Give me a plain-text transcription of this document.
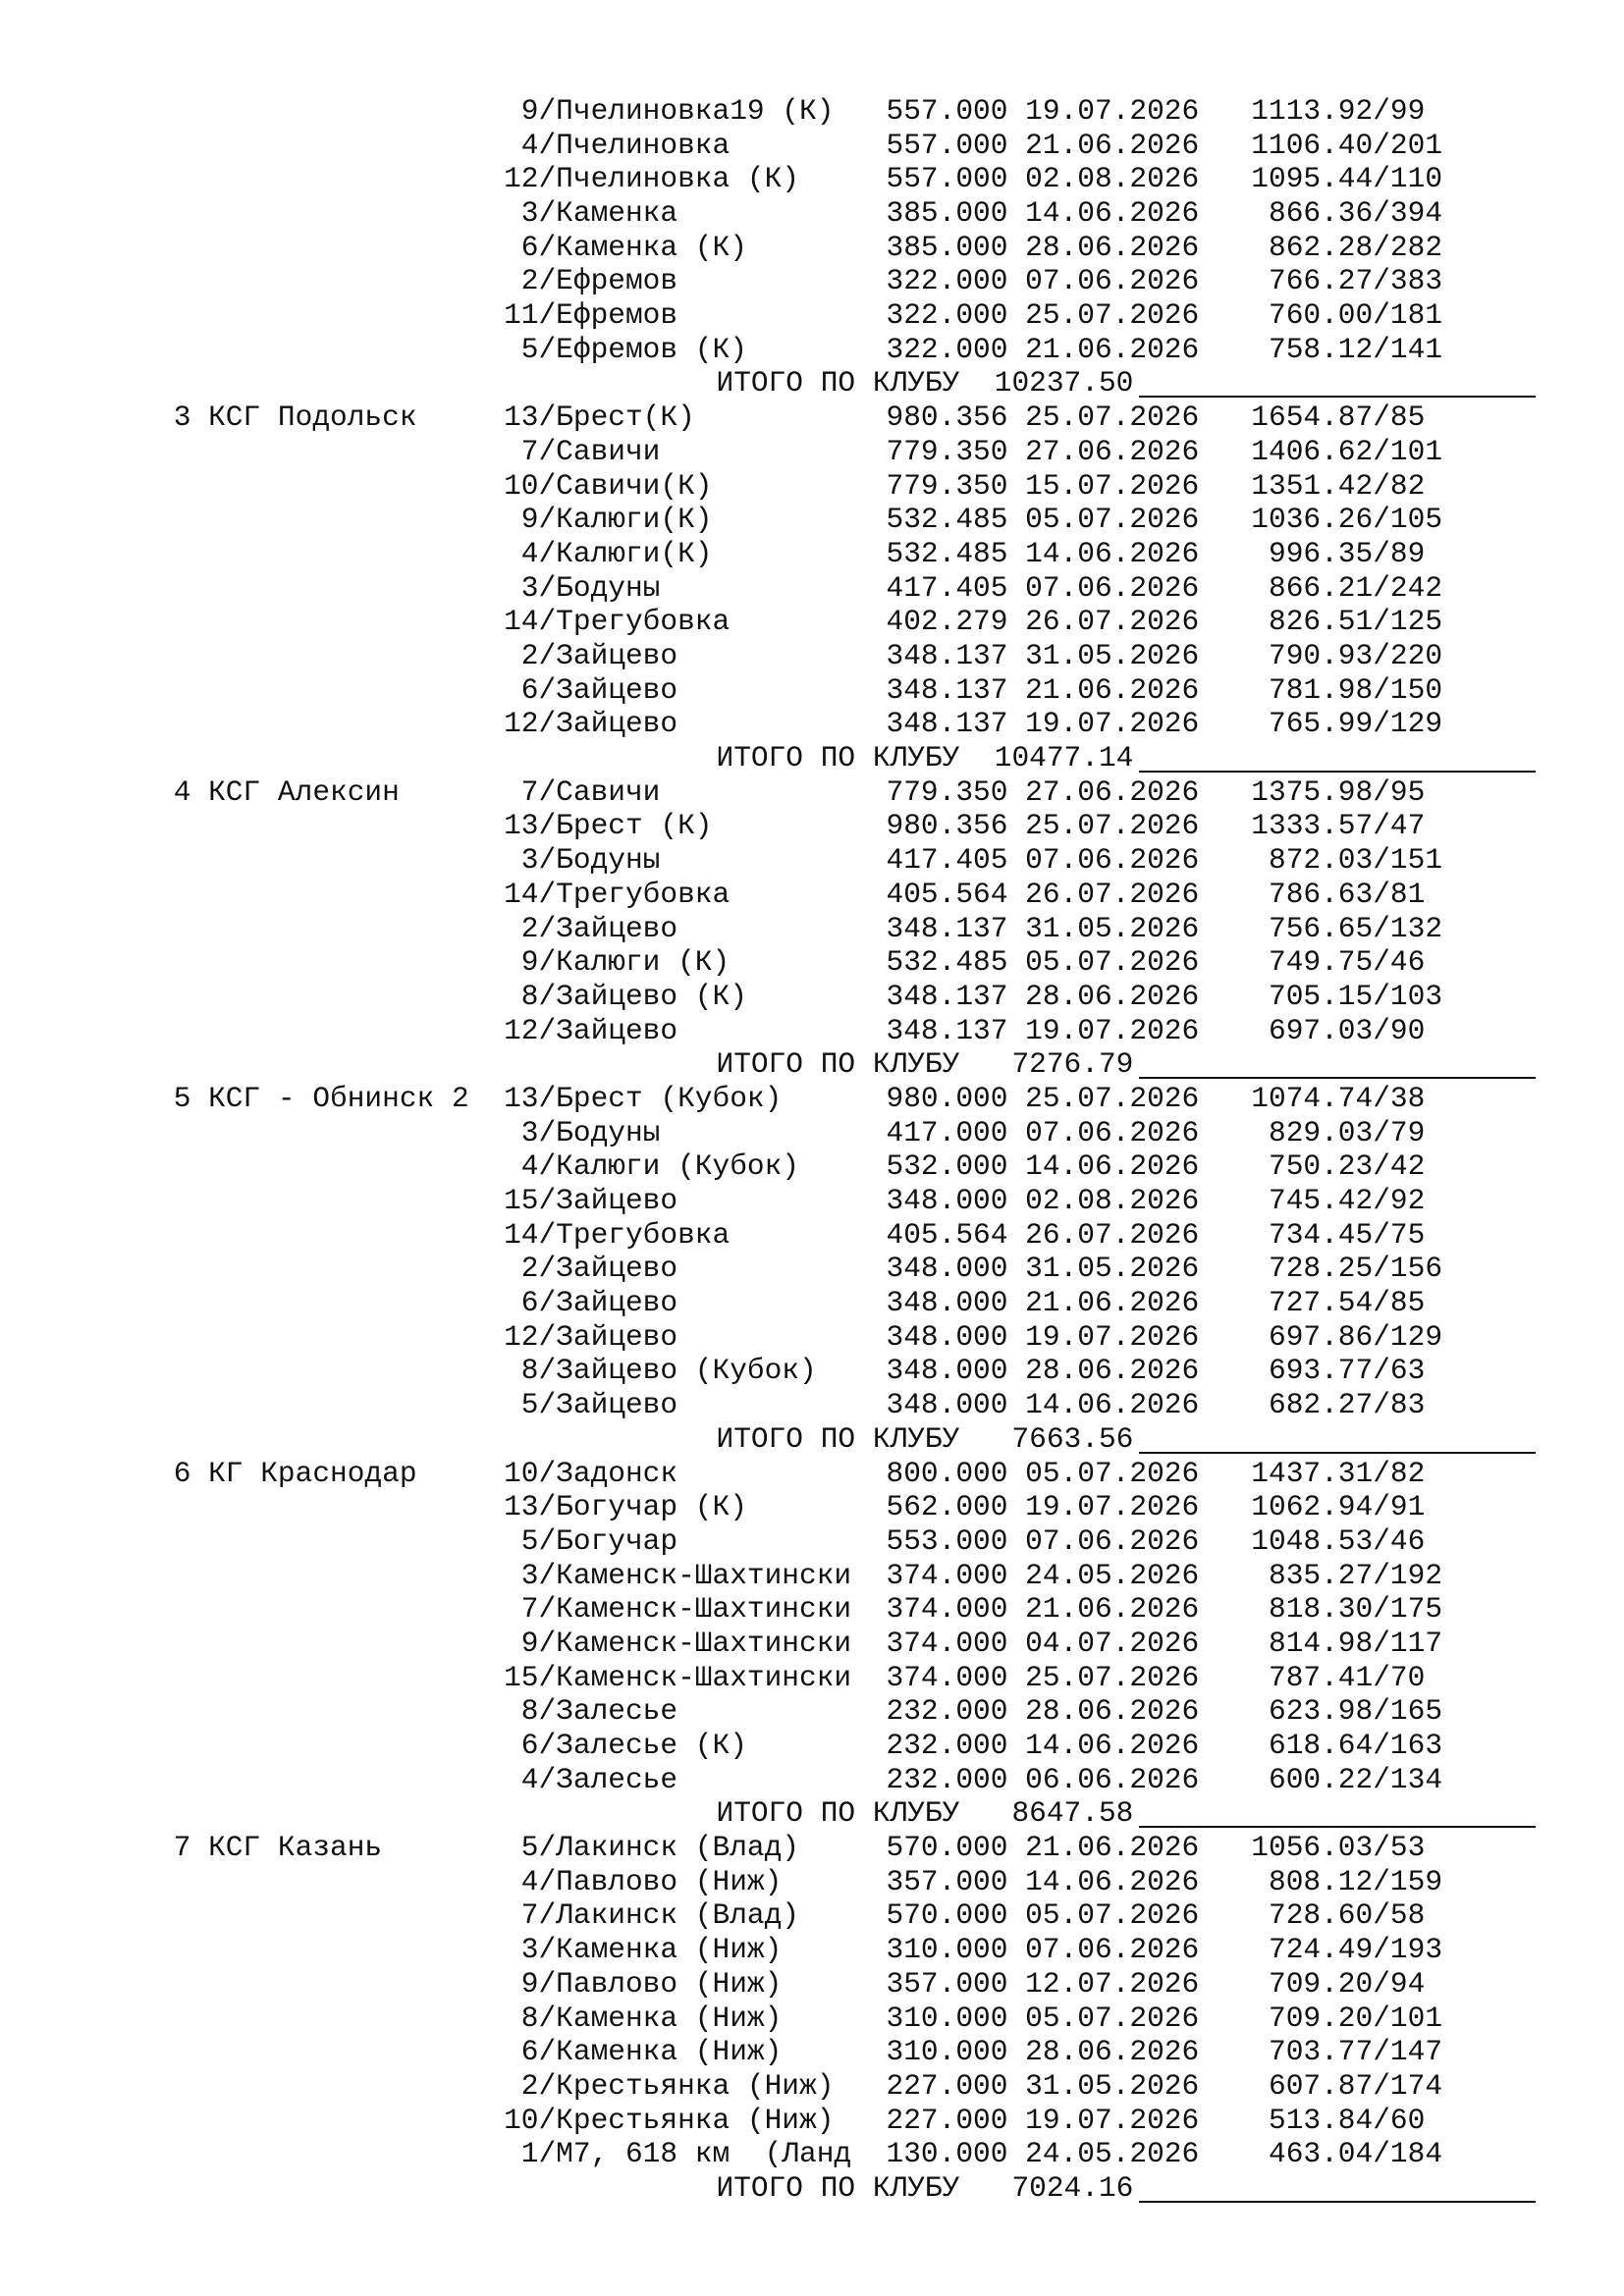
9/Пчелиновка19 (К) 557.000 19.07.2026 1113.92/99
4/Пчелиновка	557.000 21.06.2026 1106.40/201
12/Пчелиновка (К)	557.000 02.08.2026 1095.44/110
3/Каменка	385.000 14.06.2026    866.36/394
6/Каменка (К)	385.000 28.06.2026    862.28/282
2/Ефремов	322.000 07.06.2026    766.27/383
11/Ефремов	322.000 25.07.2026    760.00/181
5/Ефремов (К)	322.000 21.06.2026    758.12/141
ИТОГО ПО КЛУБУ 10237.50
3 КСГ Подольск	13/Брест(К)	980.356 25.07.2026 1654.87/85
7/Савичи	779.350 27.06.2026 1406.62/101
10/Савичи(К)	779.350 15.07.2026 1351.42/82
9/Калюги(К)	532.485 05.07.2026 1036.26/105
4/Калюги(К)	532.485 14.06.2026    996.35/89
3/Бодуны	417.405 07.06.2026    866.21/242
14/Трегубовка	402.279 26.07.2026    826.51/125
2/Зайцево	348.137 31.05.2026    790.93/220
6/Зайцево	348.137 21.06.2026    781.98/150
12/Зайцево	348.137 19.07.2026    765.99/129
ИТОГО ПО КЛУБУ 10477.14
4 КСГ Алексин	7/Савичи	779.350 27.06.2026 1375.98/95
13/Брест (К)	980.356 25.07.2026 1333.57/47
3/Бодуны	417.405 07.06.2026    872.03/151
14/Трегубовка	405.564 26.07.2026    786.63/81
2/Зайцево	348.137 31.05.2026    756.65/132
9/Калюги (К)	532.485 05.07.2026    749.75/46
8/Зайцево (К)	348.137 28.06.2026    705.15/103
12/Зайцево	348.137 19.07.2026    697.03/90
ИТОГО ПО КЛУБУ   7276.79
5 КСГ - Обнинск 2 13/Брест (Кубок)	980.000 25.07.2026 1074.74/38
3/Бодуны	417.000 07.06.2026    829.03/79
4/Калюги (Кубок)	532.000 14.06.2026    750.23/42
15/Зайцево	348.000 02.08.2026    745.42/92
14/Трегубовка	405.564 26.07.2026    734.45/75
2/Зайцево	348.000 31.05.2026    728.25/156
6/Зайцево	348.000 21.06.2026    727.54/85
12/Зайцево	348.000 19.07.2026    697.86/129
8/Зайцево (Кубок) 348.000 28.06.2026    693.77/63
5/Зайцево	348.000 14.06.2026    682.27/83
ИТОГО ПО КЛУБУ   7663.56
6 КГ Краснодар	10/Задонск	800.000 05.07.2026 1437.31/82
13/Богучар (К)	562.000 19.07.2026 1062.94/91
5/Богучар	553.000 07.06.2026 1048.53/46
3/Каменск-Шахтински 374.000 24.05.2026    835.27/192
7/Каменск-Шахтински 374.000 21.06.2026    818.30/175
9/Каменск-Шахтински 374.000 04.07.2026    814.98/117
15/Каменск-Шахтински 374.000 25.07.2026    787.41/70
8/Залесье	232.000 28.06.2026    623.98/165
6/Залесье (К)	232.000 14.06.2026    618.64/163
4/Залесье	232.000 06.06.2026    600.22/134
ИТОГО ПО КЛУБУ   8647.58
7 КСГ Казань	5/Лакинск (Влад)	570.000 21.06.2026 1056.03/53
4/Павлово (Ниж)	357.000 14.06.2026    808.12/159
7/Лакинск (Влад)	570.000 05.07.2026    728.60/58
3/Каменка (Ниж)	310.000 07.06.2026    724.49/193
9/Павлово (Ниж)	357.000 12.07.2026    709.20/94
8/Каменка (Ниж)	310.000 05.07.2026    709.20/101
6/Каменка (Ниж)	310.000 28.06.2026    703.77/147
2/Крестьянка (Ниж) 227.000 31.05.2026    607.87/174
10/Крестьянка (Ниж) 227.000 19.07.2026    513.84/60
1/М7, 618 км  (Ланд 130.000 24.05.2026    463.04/184
ИТОГО ПО КЛУБУ   7024.16
